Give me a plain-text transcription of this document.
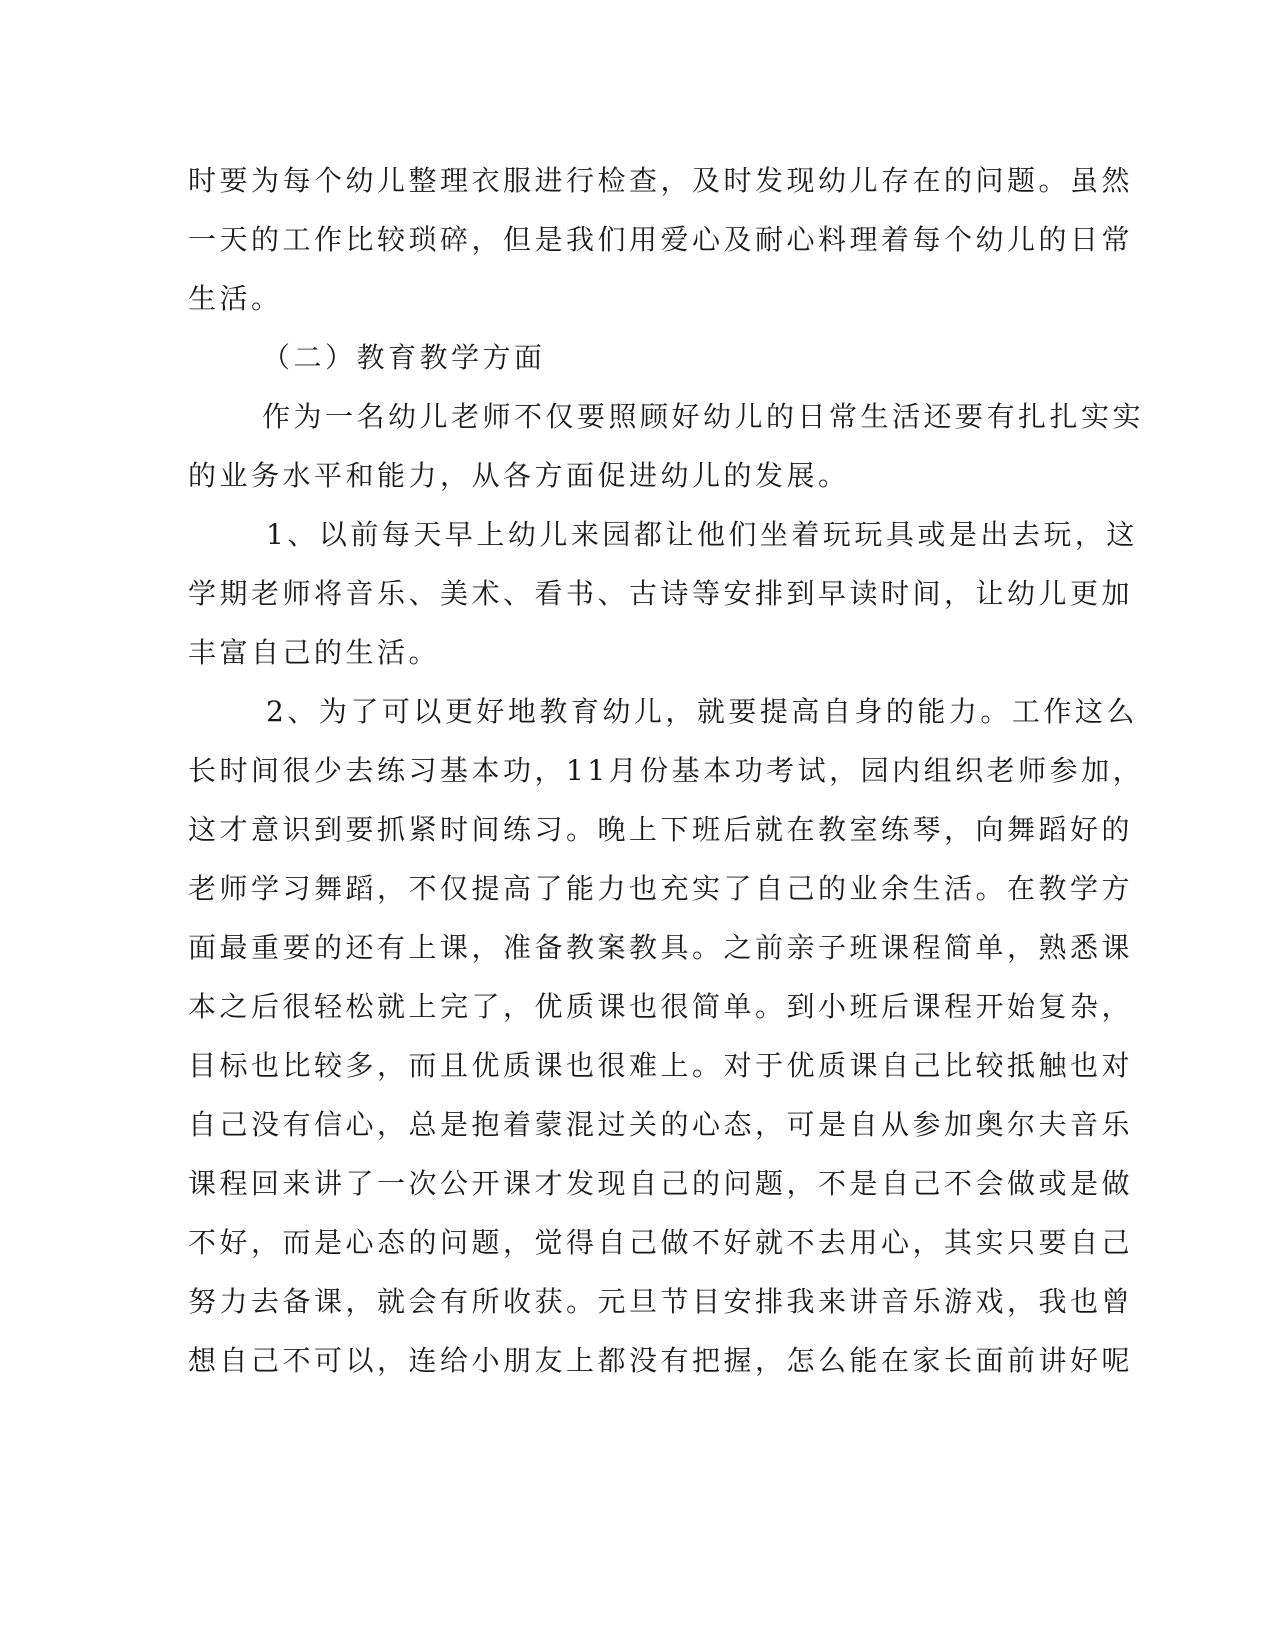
时要为每个幼儿整理衣服进行检查，及时发现幼儿存在的问题。虽然
一天的工作比较琐碎，但是我们用爱心及耐心料理着每个幼儿的日常
生活。
（二）教育教学方面
作为一名幼儿老师不仅要照顾好幼儿的日常生活还要有扎扎实实
的业务水平和能力，从各方面促进幼儿的发展。
1、以前每天早上幼儿来园都让他们坐着玩玩具或是出去玩，这
学期老师将音乐、美术、看书、古诗等安排到早读时间，让幼儿更加
丰富自己的生活。
2、为了可以更好地教育幼儿，就要提高自身的能力。工作这么
长时间很少去练习基本功，11月份基本功考试，园内组织老师参加，
这才意识到要抓紧时间练习。晚上下班后就在教室练琴，向舞蹈好的
老师学习舞蹈，不仅提高了能力也充实了自己的业余生活。在教学方
面最重要的还有上课，准备教案教具。之前亲子班课程简单，熟悉课
本之后很轻松就上完了，优质课也很简单。到小班后课程开始复杂，
目标也比较多，而且优质课也很难上。对于优质课自己比较抵触也对
自己没有信心，总是抱着蒙混过关的心态，可是自从参加奥尔夫音乐
课程回来讲了一次公开课才发现自己的问题，不是自己不会做或是做
不好，而是心态的问题，觉得自己做不好就不去用心，其实只要自己
努力去备课，就会有所收获。元旦节目安排我来讲音乐游戏，我也曾
想自己不可以，连给小朋友上都没有把握，怎么能在家长面前讲好呢
